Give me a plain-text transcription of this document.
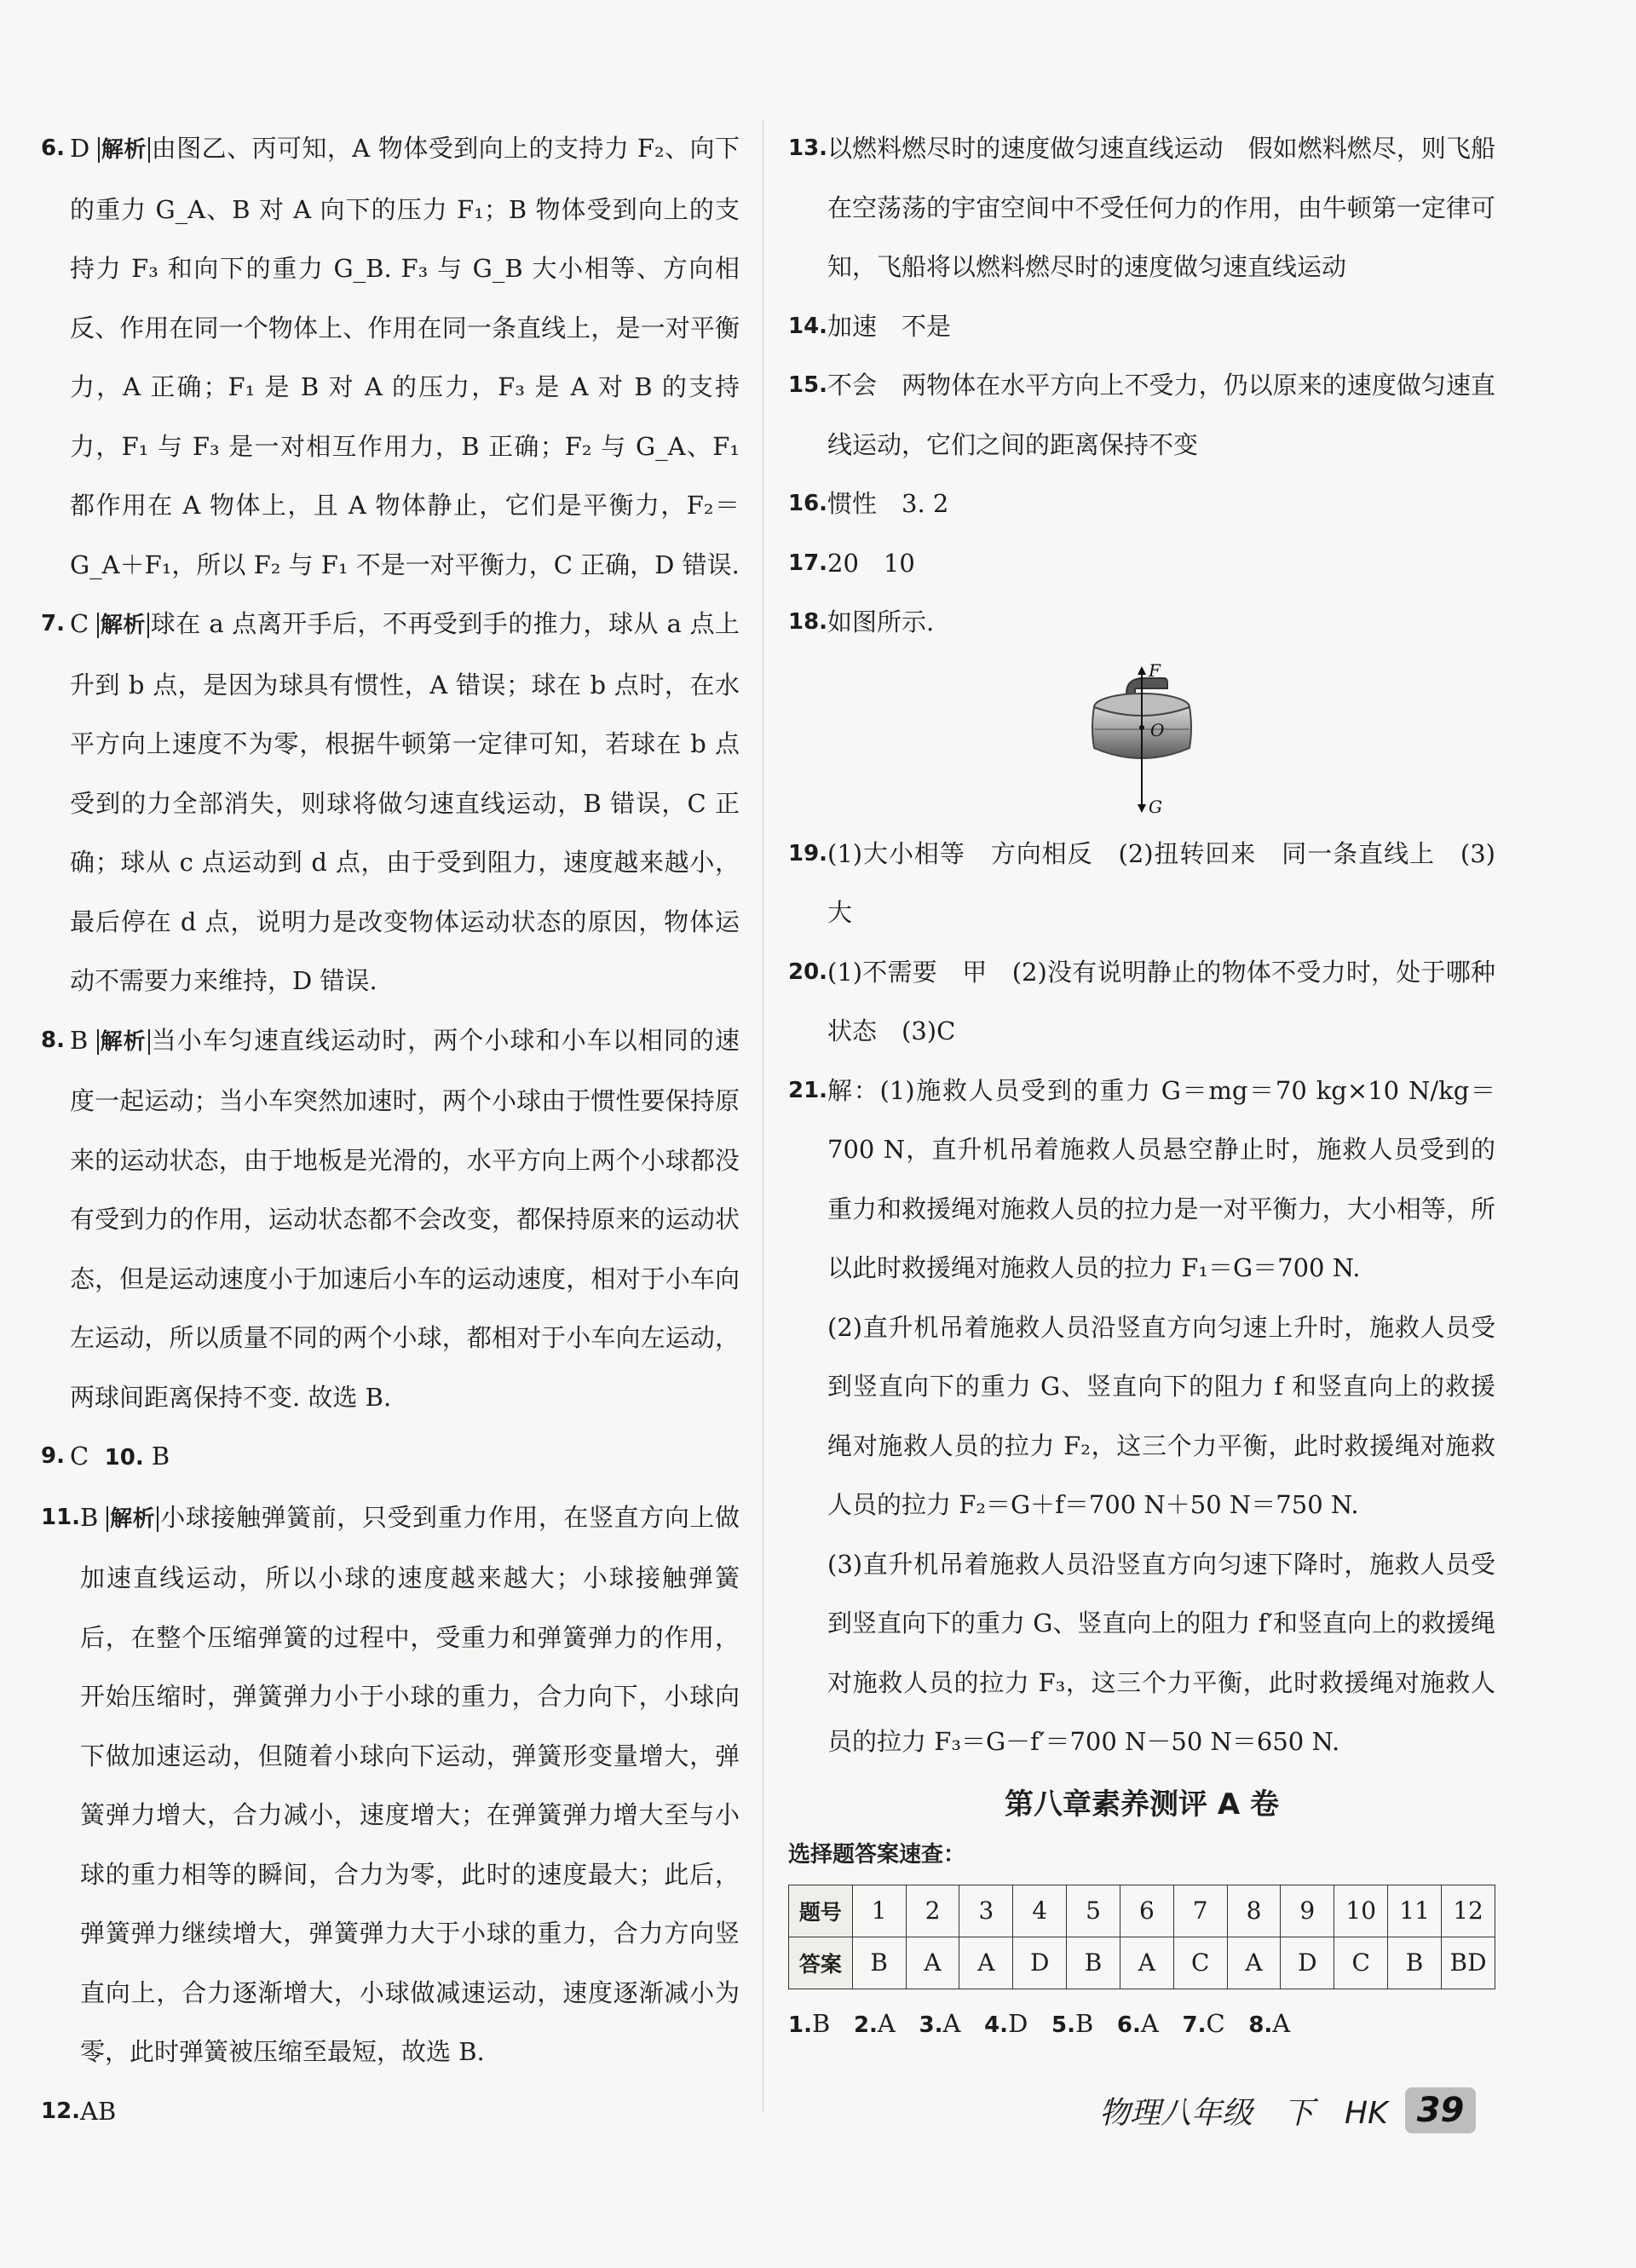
6. D 解析 由图乙、丙可知，A 物体受到向上的支持力 F₂、向下的重力 G_A、B 对 A 向下的压力 F₁；B 物体受到向上的支持力 F₃ 和向下的重力 G_B. F₃ 与 G_B 大小相等、方向相反、作用在同一个物体上、作用在同一条直线上，是一对平衡力，A 正确；F₁ 是 B 对 A 的压力，F₃ 是 A 对 B 的支持力，F₁ 与 F₃ 是一对相互作用力，B 正确；F₂ 与 G_A、F₁ 都作用在 A 物体上，且 A 物体静止，它们是平衡力，F₂＝G_A＋F₁，所以 F₂ 与 F₁ 不是一对平衡力，C 正确，D 错误.
7. C 解析 球在 a 点离开手后，不再受到手的推力，球从 a 点上升到 b 点，是因为球具有惯性，A 错误；球在 b 点时，在水平方向上速度不为零，根据牛顿第一定律可知，若球在 b 点受到的力全部消失，则球将做匀速直线运动，B 错误，C 正确；球从 c 点运动到 d 点，由于受到阻力，速度越来越小，最后停在 d 点，说明力是改变物体运动状态的原因，物体运动不需要力来维持，D 错误.
8. B 解析 当小车匀速直线运动时，两个小球和小车以相同的速度一起运动；当小车突然加速时，两个小球由于惯性要保持原来的运动状态，由于地板是光滑的，水平方向上两个小球都没有受到力的作用，运动状态都不会改变，都保持原来的运动状态，但是运动速度小于加速后小车的运动速度，相对于小车向左运动，所以质量不同的两个小球，都相对于小车向左运动，两球间距离保持不变. 故选 B.
9. C 10. B
11. B 解析 小球接触弹簧前，只受到重力作用，在竖直方向上做加速直线运动，所以小球的速度越来越大；小球接触弹簧后，在整个压缩弹簧的过程中，受重力和弹簧弹力的作用，开始压缩时，弹簧弹力小于小球的重力，合力向下，小球向下做加速运动，但随着小球向下运动，弹簧形变量增大，弹簧弹力增大，合力减小，速度增大；在弹簧弹力增大至与小球的重力相等的瞬间，合力为零，此时的速度最大；此后，弹簧弹力继续增大，弹簧弹力大于小球的重力，合力方向竖直向上，合力逐渐增大，小球做减速运动，速度逐渐减小为零，此时弹簧被压缩至最短，故选 B.
12. AB
13. 以燃料燃尽时的速度做匀速直线运动　假如燃料燃尽，则飞船在空荡荡的宇宙空间中不受任何力的作用，由牛顿第一定律可知，飞船将以燃料燃尽时的速度做匀速直线运动
14. 加速　不是
15. 不会　两物体在水平方向上不受力，仍以原来的速度做匀速直线运动，它们之间的距离保持不变
16. 惯性　3. 2
17. 20　10
18. 如图所示.
F
O
G
19. (1)大小相等　方向相反　(2)扭转回来　同一条直线上　(3)大
20. (1)不需要　甲　(2)没有说明静止的物体不受力时，处于哪种状态　(3)C
21. 解：(1)施救人员受到的重力 G＝mg＝70 kg×10 N/kg＝700 N，直升机吊着施救人员悬空静止时，施救人员受到的重力和救援绳对施救人员的拉力是一对平衡力，大小相等，所以此时救援绳对施救人员的拉力 F₁＝G＝700 N.
(2)直升机吊着施救人员沿竖直方向匀速上升时，施救人员受到竖直向下的重力 G、竖直向下的阻力 f 和竖直向上的救援绳对施救人员的拉力 F₂，这三个力平衡，此时救援绳对施救人员的拉力 F₂＝G＋f＝700 N＋50 N＝750 N.
(3)直升机吊着施救人员沿竖直方向匀速下降时，施救人员受到竖直向下的重力 G、竖直向上的阻力 f′和竖直向上的救援绳对施救人员的拉力 F₃，这三个力平衡，此时救援绳对施救人员的拉力 F₃＝G－f′＝700 N－50 N＝650 N.
第八章素养测评 A 卷
选择题答案速查：
题号	1	2	3	4	5	6	7	8	9	10	11	12
答案	B	A	A	D	B	A	C	A	D	C	B	BD
1.B 2.A 3.A 4.D 5.B 6.A 7.C 8.A
物理八年级　下　HK 39
